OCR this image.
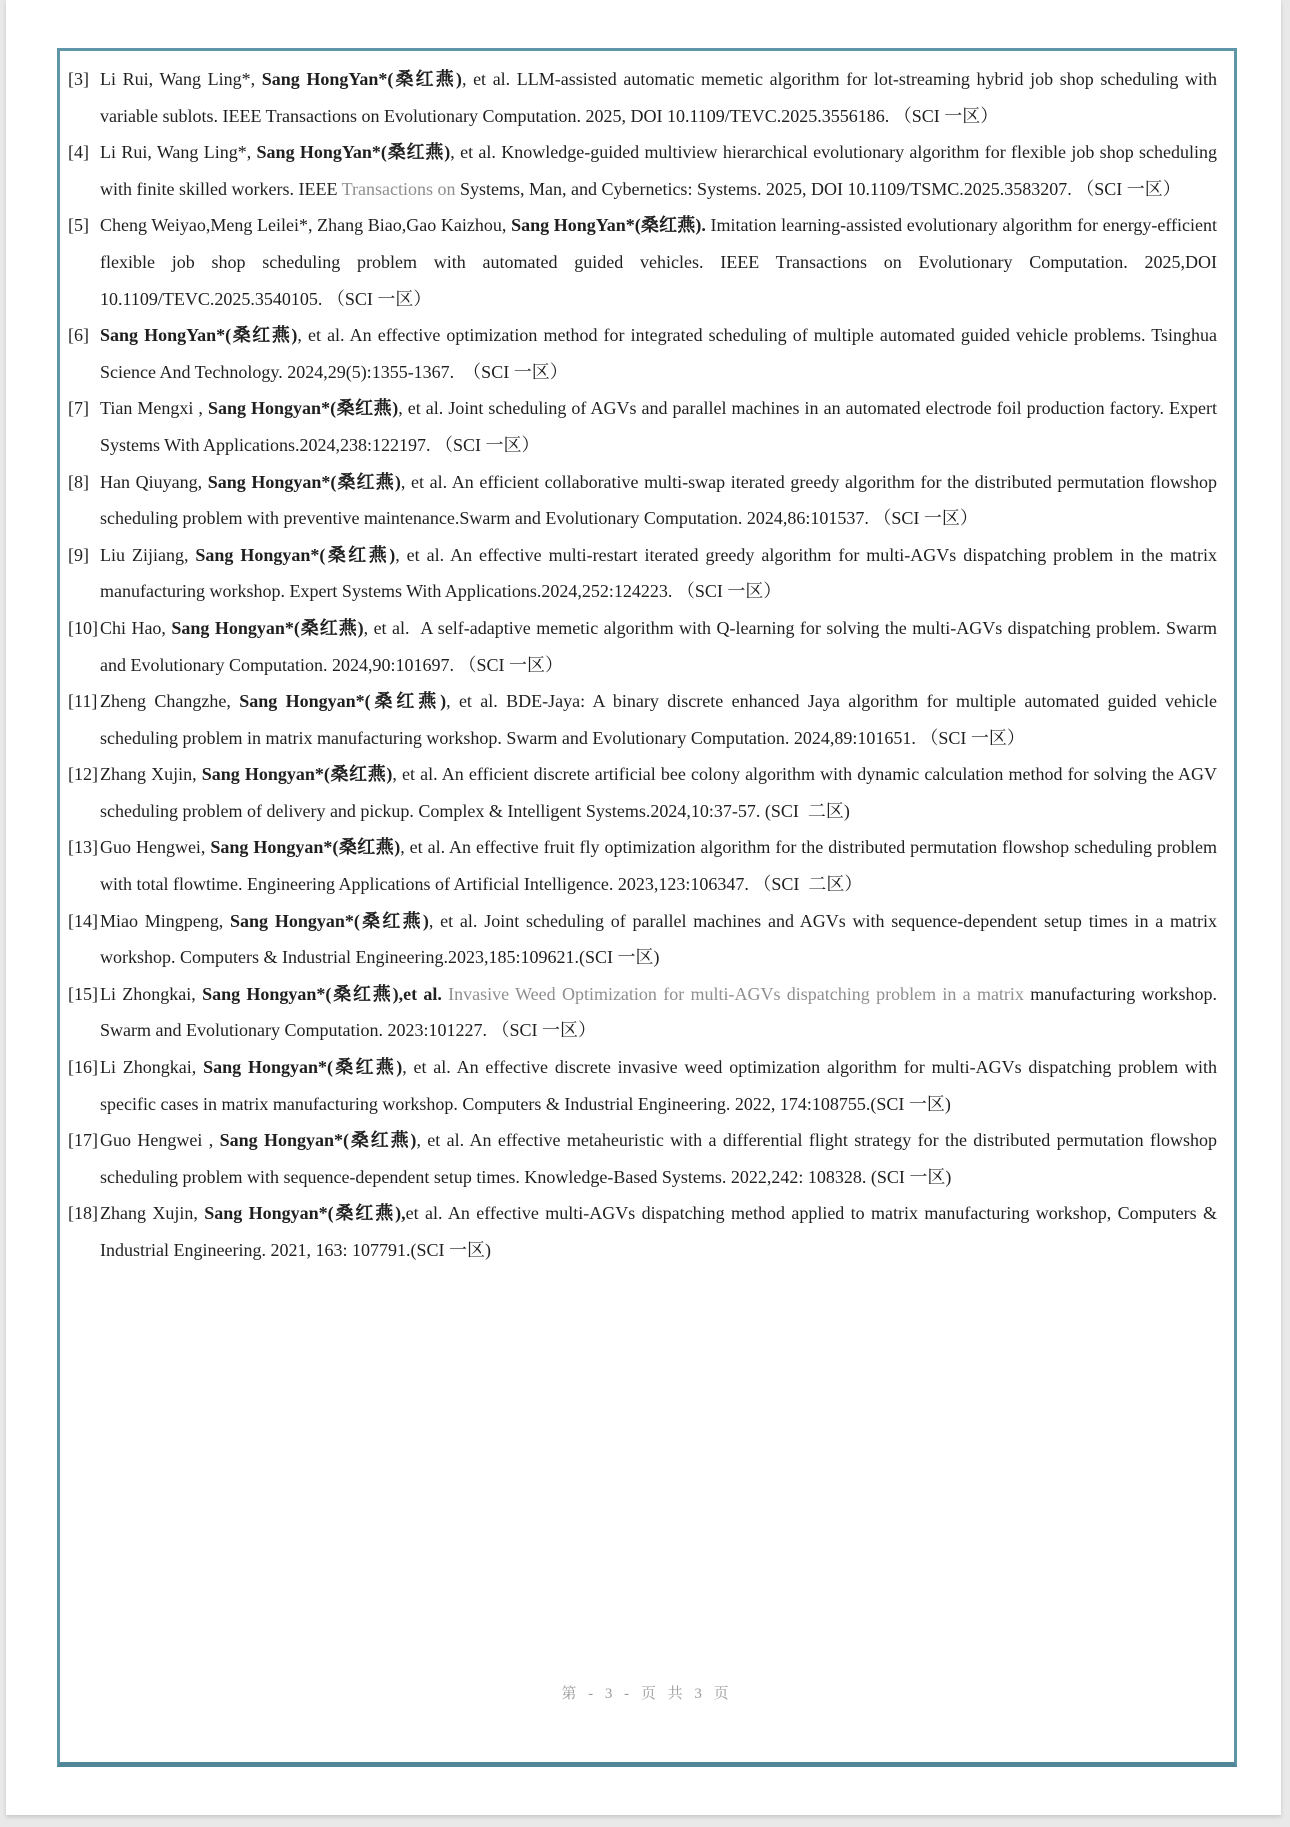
[3] Li Rui, Wang Ling*, Sang HongYan*(桑红燕), et al. LLM-assisted automatic memetic algorithm for lot-streaming hybrid job shop scheduling with variable sublots. IEEE Transactions on Evolutionary Computation. 2025, DOI 10.1109/TEVC.2025.3556186. （SCI 一区）
[4] Li Rui, Wang Ling*, Sang HongYan*(桑红燕), et al. Knowledge-guided multiview hierarchical evolutionary algorithm for flexible job shop scheduling with finite skilled workers. IEEE Transactions on Systems, Man, and Cybernetics: Systems. 2025, DOI 10.1109/TSMC.2025.3583207. （SCI 一区）
[5] Cheng Weiyao,Meng Leilei*, Zhang Biao,Gao Kaizhou, Sang HongYan*(桑红燕). Imitation learning-assisted evolutionary algorithm for energy-efficient flexible job shop scheduling problem with automated guided vehicles. IEEE Transactions on Evolutionary Computation. 2025,DOI 10.1109/TEVC.2025.3540105. （SCI 一区）
[6] Sang HongYan*(桑红燕), et al. An effective optimization method for integrated scheduling of multiple automated guided vehicle problems. Tsinghua Science And Technology. 2024,29(5):1355-1367.  （SCI 一区）
[7] Tian Mengxi , Sang Hongyan*(桑红燕), et al. Joint scheduling of AGVs and parallel machines in an automated electrode foil production factory. Expert Systems With Applications.2024,238:122197. （SCI 一区）
[8] Han Qiuyang, Sang Hongyan*(桑红燕), et al. An efficient collaborative multi-swap iterated greedy algorithm for the distributed permutation flowshop scheduling problem with preventive maintenance.Swarm and Evolutionary Computation. 2024,86:101537. （SCI 一区）
[9] Liu Zijiang, Sang Hongyan*(桑红燕), et al. An effective multi-restart iterated greedy algorithm for multi-AGVs dispatching problem in the matrix manufacturing workshop. Expert Systems With Applications.2024,252:124223. （SCI 一区）
[10] Chi Hao, Sang Hongyan*(桑红燕), et al.  A self-adaptive memetic algorithm with Q-learning for solving the multi-AGVs dispatching problem. Swarm and Evolutionary Computation. 2024,90:101697. （SCI 一区）
[11] Zheng Changzhe, Sang Hongyan*(桑红燕), et al. BDE-Jaya: A binary discrete enhanced Jaya algorithm for multiple automated guided vehicle scheduling problem in matrix manufacturing workshop. Swarm and Evolutionary Computation. 2024,89:101651. （SCI 一区）
[12] Zhang Xujin, Sang Hongyan*(桑红燕), et al. An efficient discrete artificial bee colony algorithm with dynamic calculation method for solving the AGV scheduling problem of delivery and pickup. Complex & Intelligent Systems.2024,10:37-57. (SCI  二区)
[13] Guo Hengwei, Sang Hongyan*(桑红燕), et al. An effective fruit fly optimization algorithm for the distributed permutation flowshop scheduling problem with total flowtime. Engineering Applications of Artificial Intelligence. 2023,123:106347. （SCI  二区）
[14] Miao Mingpeng, Sang Hongyan*(桑红燕), et al. Joint scheduling of parallel machines and AGVs with sequence-dependent setup times in a matrix workshop. Computers & Industrial Engineering.2023,185:109621.(SCI 一区)
[15] Li Zhongkai, Sang Hongyan*(桑红燕),et al. Invasive Weed Optimization for multi-AGVs dispatching problem in a matrix manufacturing workshop. Swarm and Evolutionary Computation. 2023:101227. （SCI 一区）
[16] Li Zhongkai, Sang Hongyan*(桑红燕), et al. An effective discrete invasive weed optimization algorithm for multi-AGVs dispatching problem with specific cases in matrix manufacturing workshop. Computers & Industrial Engineering. 2022, 174:108755.(SCI 一区)
[17] Guo Hengwei , Sang Hongyan*(桑红燕), et al. An effective metaheuristic with a differential flight strategy for the distributed permutation flowshop scheduling problem with sequence-dependent setup times. Knowledge-Based Systems. 2022,242: 108328. (SCI 一区)
[18] Zhang Xujin, Sang Hongyan*(桑红燕),et al. An effective multi-AGVs dispatching method applied to matrix manufacturing workshop, Computers & Industrial Engineering. 2021, 163: 107791.(SCI 一区)
第 - 3 - 页 共 3 页
